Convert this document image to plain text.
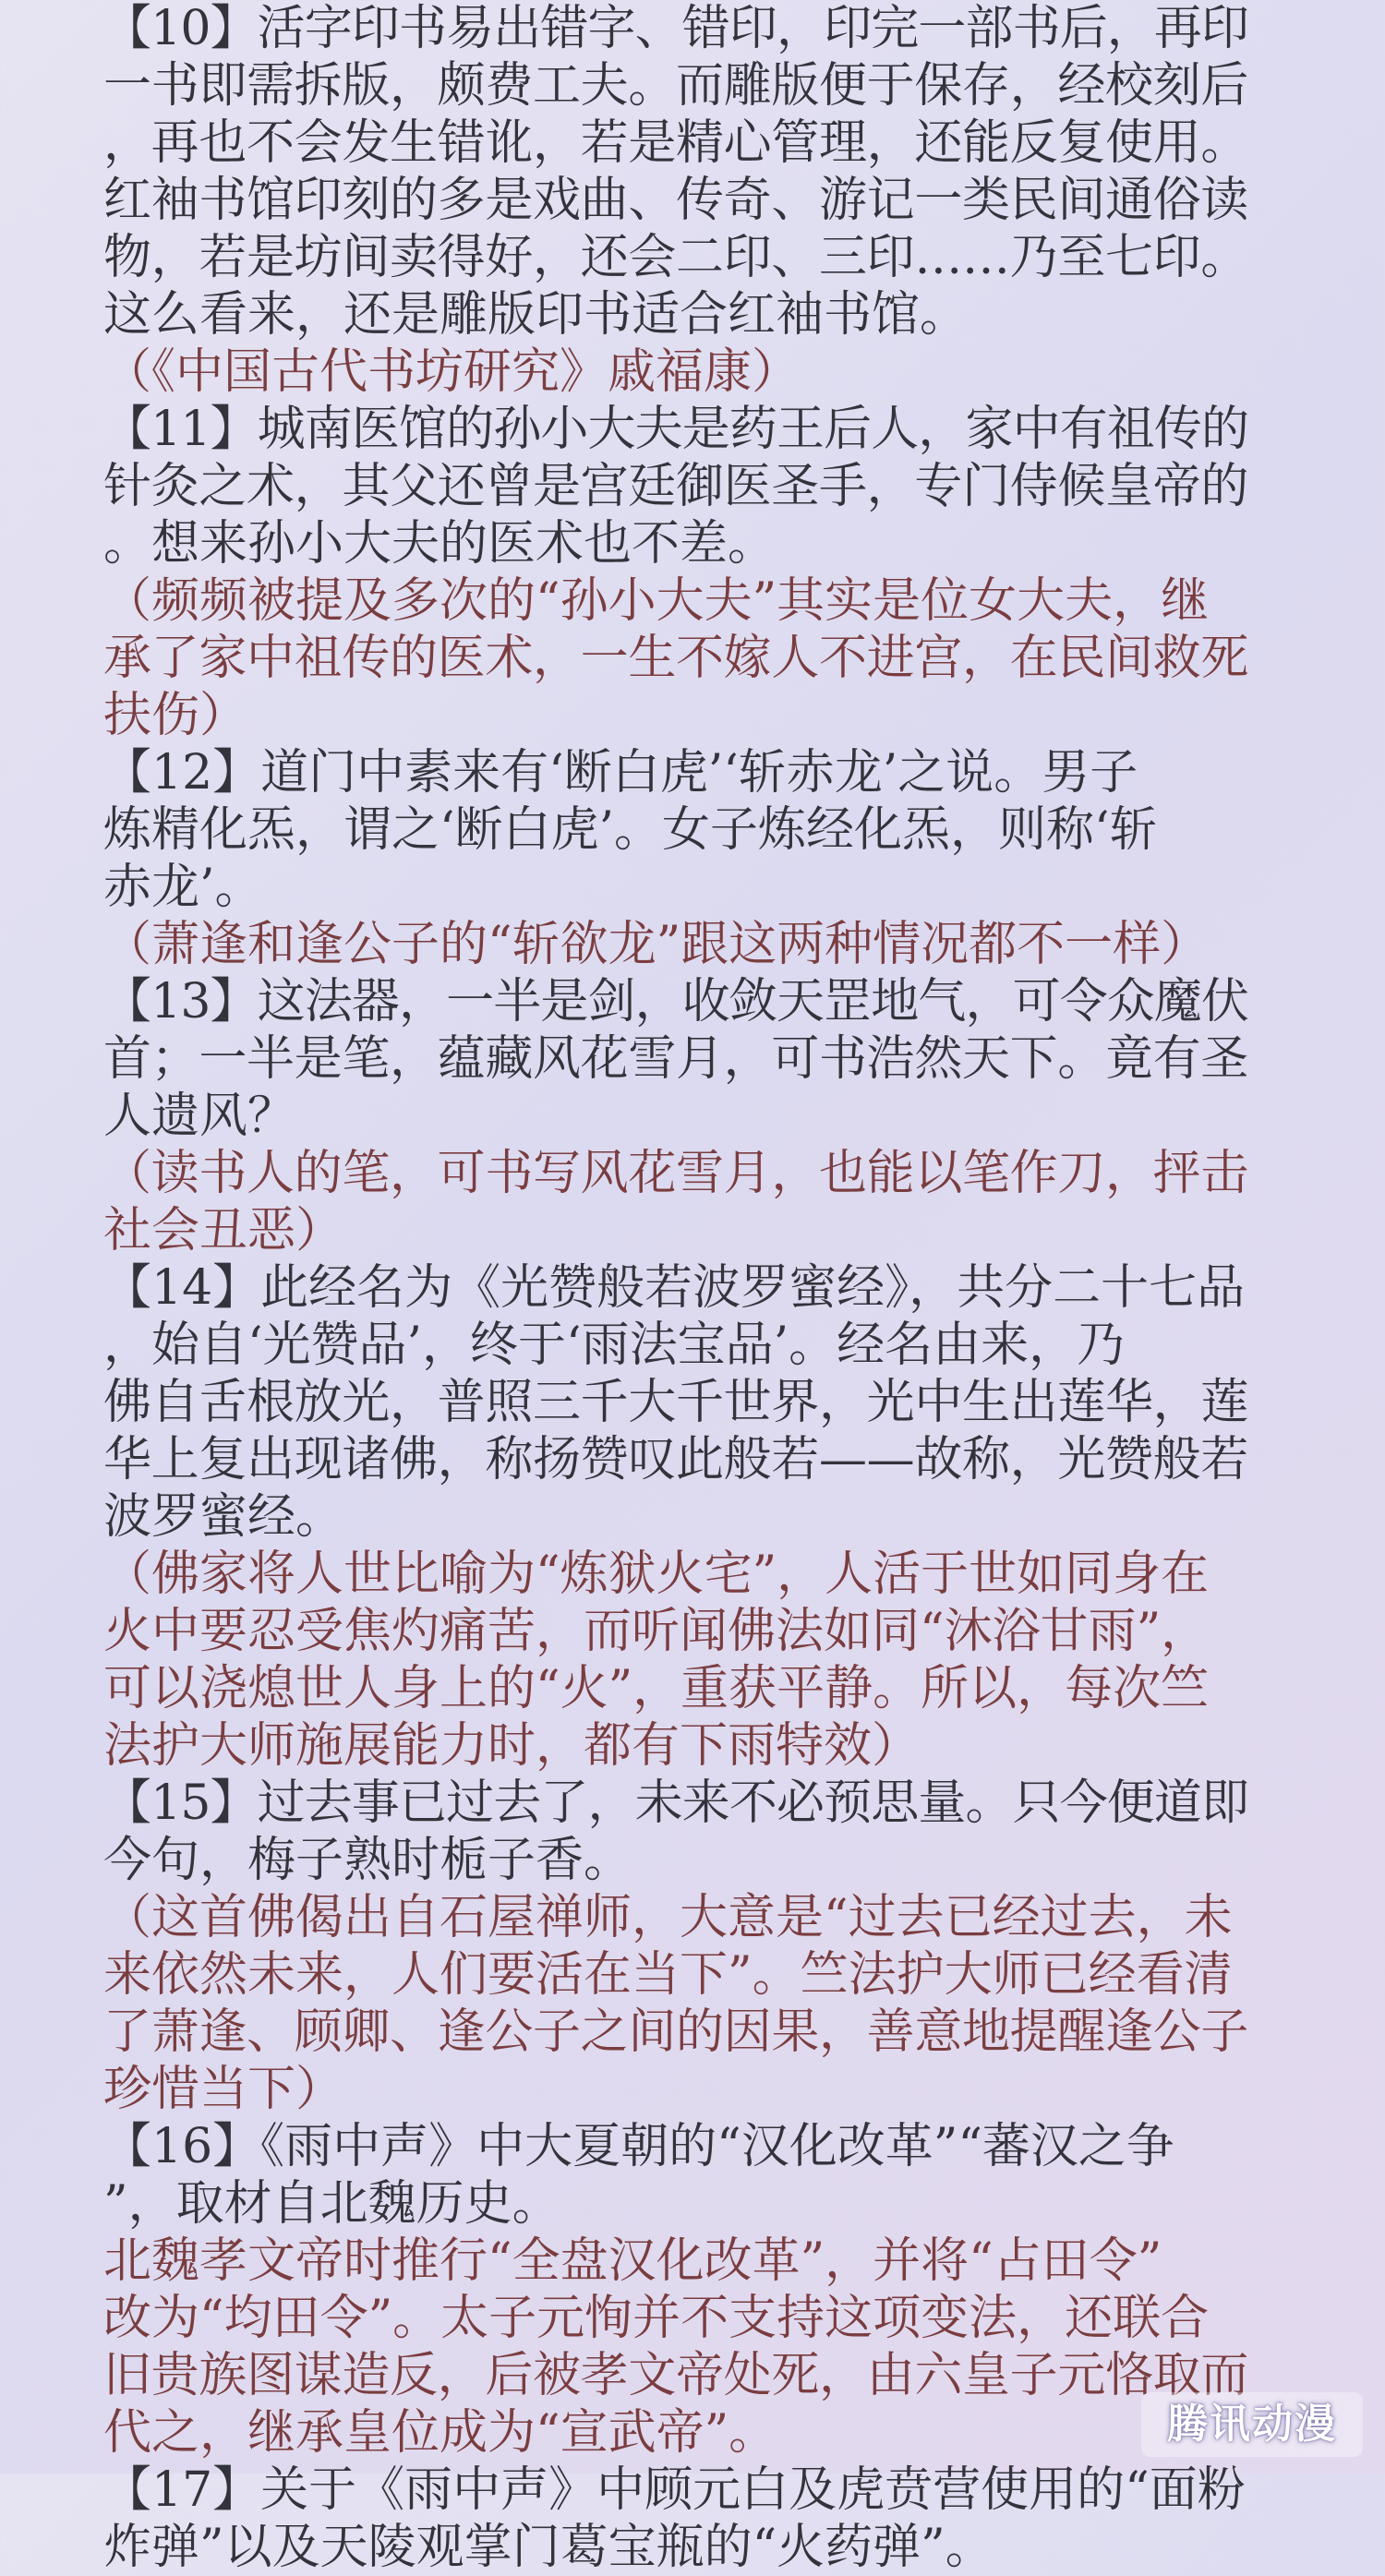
【10】活字印书易出错字、错印，印完一部书后，再印
一书即需拆版，颇费工夫。而雕版便于保存，经校刻后
，再也不会发生错讹，若是精心管理，还能反复使用。
红袖书馆印刻的多是戏曲、传奇、游记一类民间通俗读
物，若是坊间卖得好，还会二印、三印……乃至七印。
这么看来，还是雕版印书适合红袖书馆。
（《中国古代书坊研究》戚福康）
【11】城南医馆的孙小大夫是药王后人，家中有祖传的
针灸之术，其父还曾是宫廷御医圣手，专门侍候皇帝的
。想来孙小大夫的医术也不差。
（频频被提及多次的“孙小大夫”其实是位女大夫，继
承了家中祖传的医术，一生不嫁人不进宫，在民间救死
扶伤）
【12】道门中素来有‘断白虎’‘斩赤龙’之说。男子
炼精化炁，谓之‘断白虎’。女子炼经化炁，则称‘斩
赤龙’。
（萧逢和逢公子的“斩欲龙”跟这两种情况都不一样）
【13】这法器，一半是剑，收敛天罡地气，可令众魔伏
首；一半是笔，蕴藏风花雪月，可书浩然天下。竟有圣
人遗风？
（读书人的笔，可书写风花雪月，也能以笔作刀，抨击
社会丑恶）
【14】此经名为《光赞般若波罗蜜经》，共分二十七品
，始自‘光赞品’，终于‘雨法宝品’。经名由来，乃
佛自舌根放光，普照三千大千世界，光中生出莲华，莲
华上复出现诸佛，称扬赞叹此般若——故称，光赞般若
波罗蜜经。
（佛家将人世比喻为“炼狱火宅”，人活于世如同身在
火中要忍受焦灼痛苦，而听闻佛法如同“沐浴甘雨”，
可以浇熄世人身上的“火”，重获平静。所以，每次竺
法护大师施展能力时，都有下雨特效）
【15】过去事已过去了，未来不必预思量。只今便道即
今句，梅子熟时栀子香。
（这首佛偈出自石屋禅师，大意是“过去已经过去，未
来依然未来，人们要活在当下”。竺法护大师已经看清
了萧逢、顾卿、逢公子之间的因果，善意地提醒逢公子
珍惜当下）
【16】《雨中声》中大夏朝的“汉化改革”“蕃汉之争
”，取材自北魏历史。
北魏孝文帝时推行“全盘汉化改革”，并将“占田令”
改为“均田令”。太子元恂并不支持这项变法，还联合
旧贵族图谋造反，后被孝文帝处死，由六皇子元恪取而
代之，继承皇位成为“宣武帝”。
【17】关于《雨中声》中顾元白及虎贲营使用的“面粉
炸弹”以及天陵观掌门葛宝瓶的“火药弹”。
腾讯动漫
